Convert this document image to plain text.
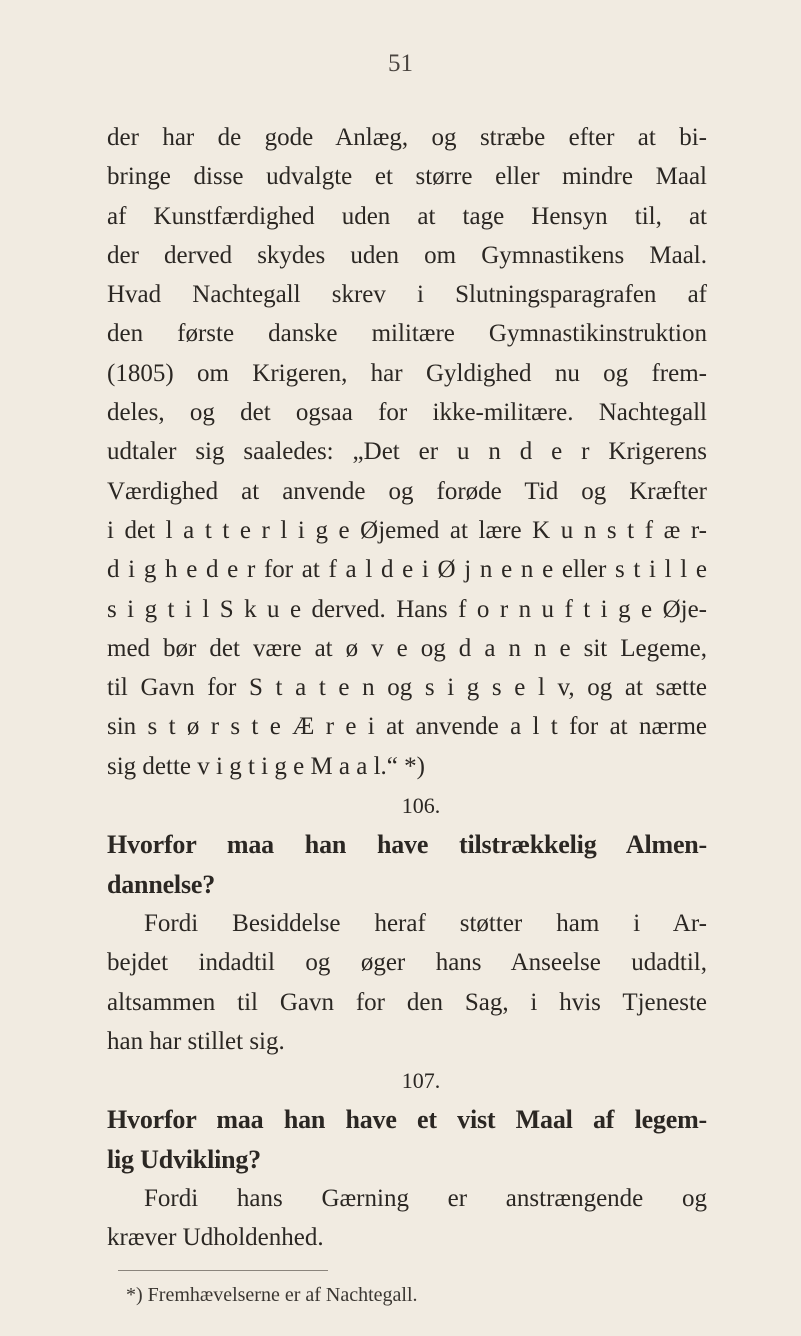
51
der har de gode Anlæg, og stræbe efter at bi-
bringe disse udvalgte et større eller mindre Maal
af Kunstfærdighed uden at tage Hensyn til, at
der derved skydes uden om Gymnastikens Maal.
Hvad Nachtegall skrev i Slutningsparagrafen af
den første danske militære Gymnastikinstruktion
(1805) om Krigeren, har Gyldighed nu og frem-
deles, og det ogsaa for ikke-militære. Nachtegall
udtaler sig saaledes: „Det er u n d e r Krigerens
Værdighed at anvende og forøde Tid og Kræfter
i det l a t t e r l i g e Øjemed at lære K u n s t f æ r-
d i g h e d e r for at f a l d e i Ø j n e n e eller s t i l l e
s i g t i l S k u e derved. Hans f o r n u f t i g e Øje-
med bør det være at ø v e og d a n n e sit Legeme,
til Gavn for S t a t e n og s i g s e l v, og at sætte
sin s t ø r s t e Æ r e i at anvende a l t for at nærme
sig dette v i g t i g e M a a l.“ *)
106.
Hvorfor maa han have tilstrækkelig Almen-
dannelse?
Fordi Besiddelse heraf støtter ham i Ar-
bejdet indadtil og øger hans Anseelse udadtil,
altsammen til Gavn for den Sag, i hvis Tjeneste
han har stillet sig.
107.
Hvorfor maa han have et vist Maal af legem-
lig Udvikling?
Fordi hans Gærning er anstrængende og
kræver Udholdenhed.
*) Fremhævelserne er af Nachtegall.
